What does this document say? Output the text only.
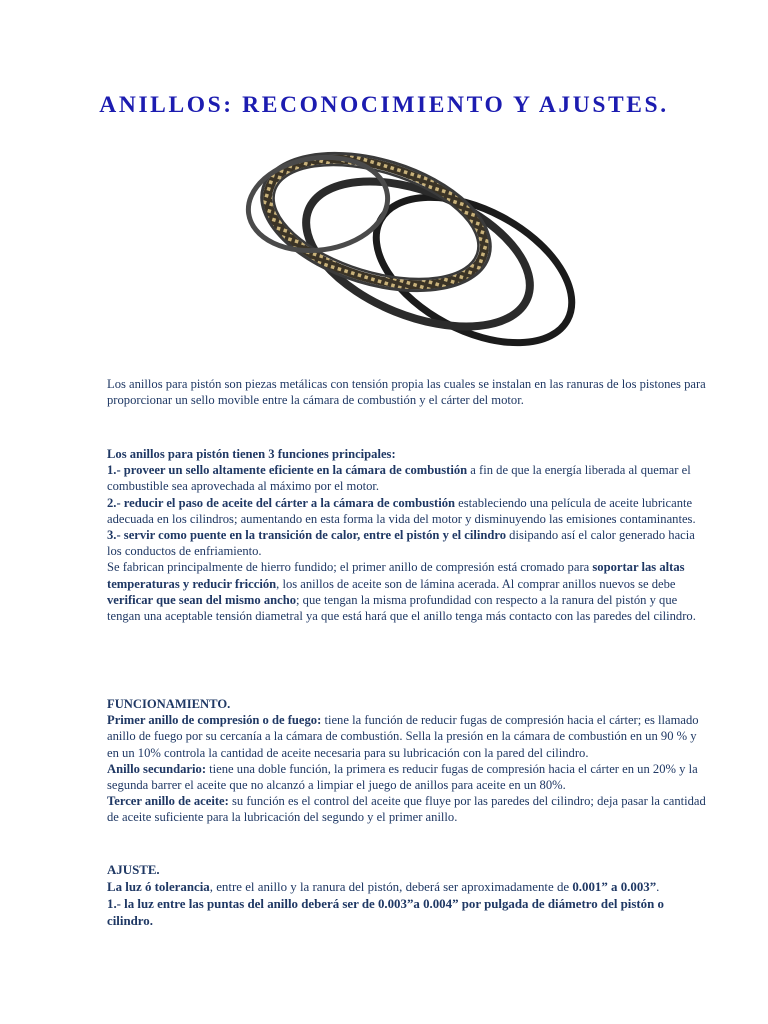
ANILLOS: RECONOCIMIENTO Y AJUSTES.

Los anillos para pistón son piezas metálicas con tensión propia las cuales se instalan en las ranuras de los pistones para proporcionar un sello movible entre la cámara de combustión y el cárter del motor.

Los anillos para pistón tienen 3 funciones principales:

1.- proveer un sello altamente eficiente en la cámara de combustión a fin de que la energía liberada al quemar el combustible sea aprovechada al máximo por el motor.

2.- reducir el paso de aceite del cárter a la cámara de combustión estableciendo una película de aceite lubricante adecuada en los cilindros; aumentando en esta forma la vida del motor y disminuyendo las emisiones contaminantes.

3.- servir como puente en la transición de calor, entre el pistón y el cilindro disipando así el calor generado hacia los conductos de enfriamiento.

Se fabrican principalmente de hierro fundido; el primer anillo de compresión está cromado para soportar las altas temperaturas y reducir fricción, los anillos de aceite son de lámina acerada. Al comprar anillos nuevos se debe verificar que sean del mismo ancho; que tengan la misma profundidad con respecto a la ranura del pistón y que tengan una aceptable tensión diametral ya que está hará que el anillo tenga más contacto con las paredes del cilindro.

FUNCIONAMIENTO.

Primer anillo de compresión o de fuego: tiene la función de reducir fugas de compresión hacia el cárter; es llamado anillo de fuego por su cercanía a la cámara de combustión. Sella la presión en la cámara de combustión en un 90 % y en un 10% controla la cantidad de aceite necesaria para su lubricación con la pared del cilindro.

Anillo secundario: tiene una doble función, la primera es reducir fugas de compresión hacia el cárter en un 20% y la segunda barrer el aceite que no alcanzó a limpiar el juego de anillos para aceite en un 80%.

Tercer anillo de aceite: su función es el control del aceite que fluye por las paredes del cilindro; deja pasar la cantidad de aceite suficiente para la lubricación del segundo y el primer anillo.

AJUSTE.

La luz ó tolerancia, entre el anillo y la ranura del pistón, deberá ser aproximadamente de 0.001” a 0.003”.

1.- la luz entre las puntas del anillo deberá ser de 0.003”a 0.004” por pulgada de diámetro del pistón o cilindro.
